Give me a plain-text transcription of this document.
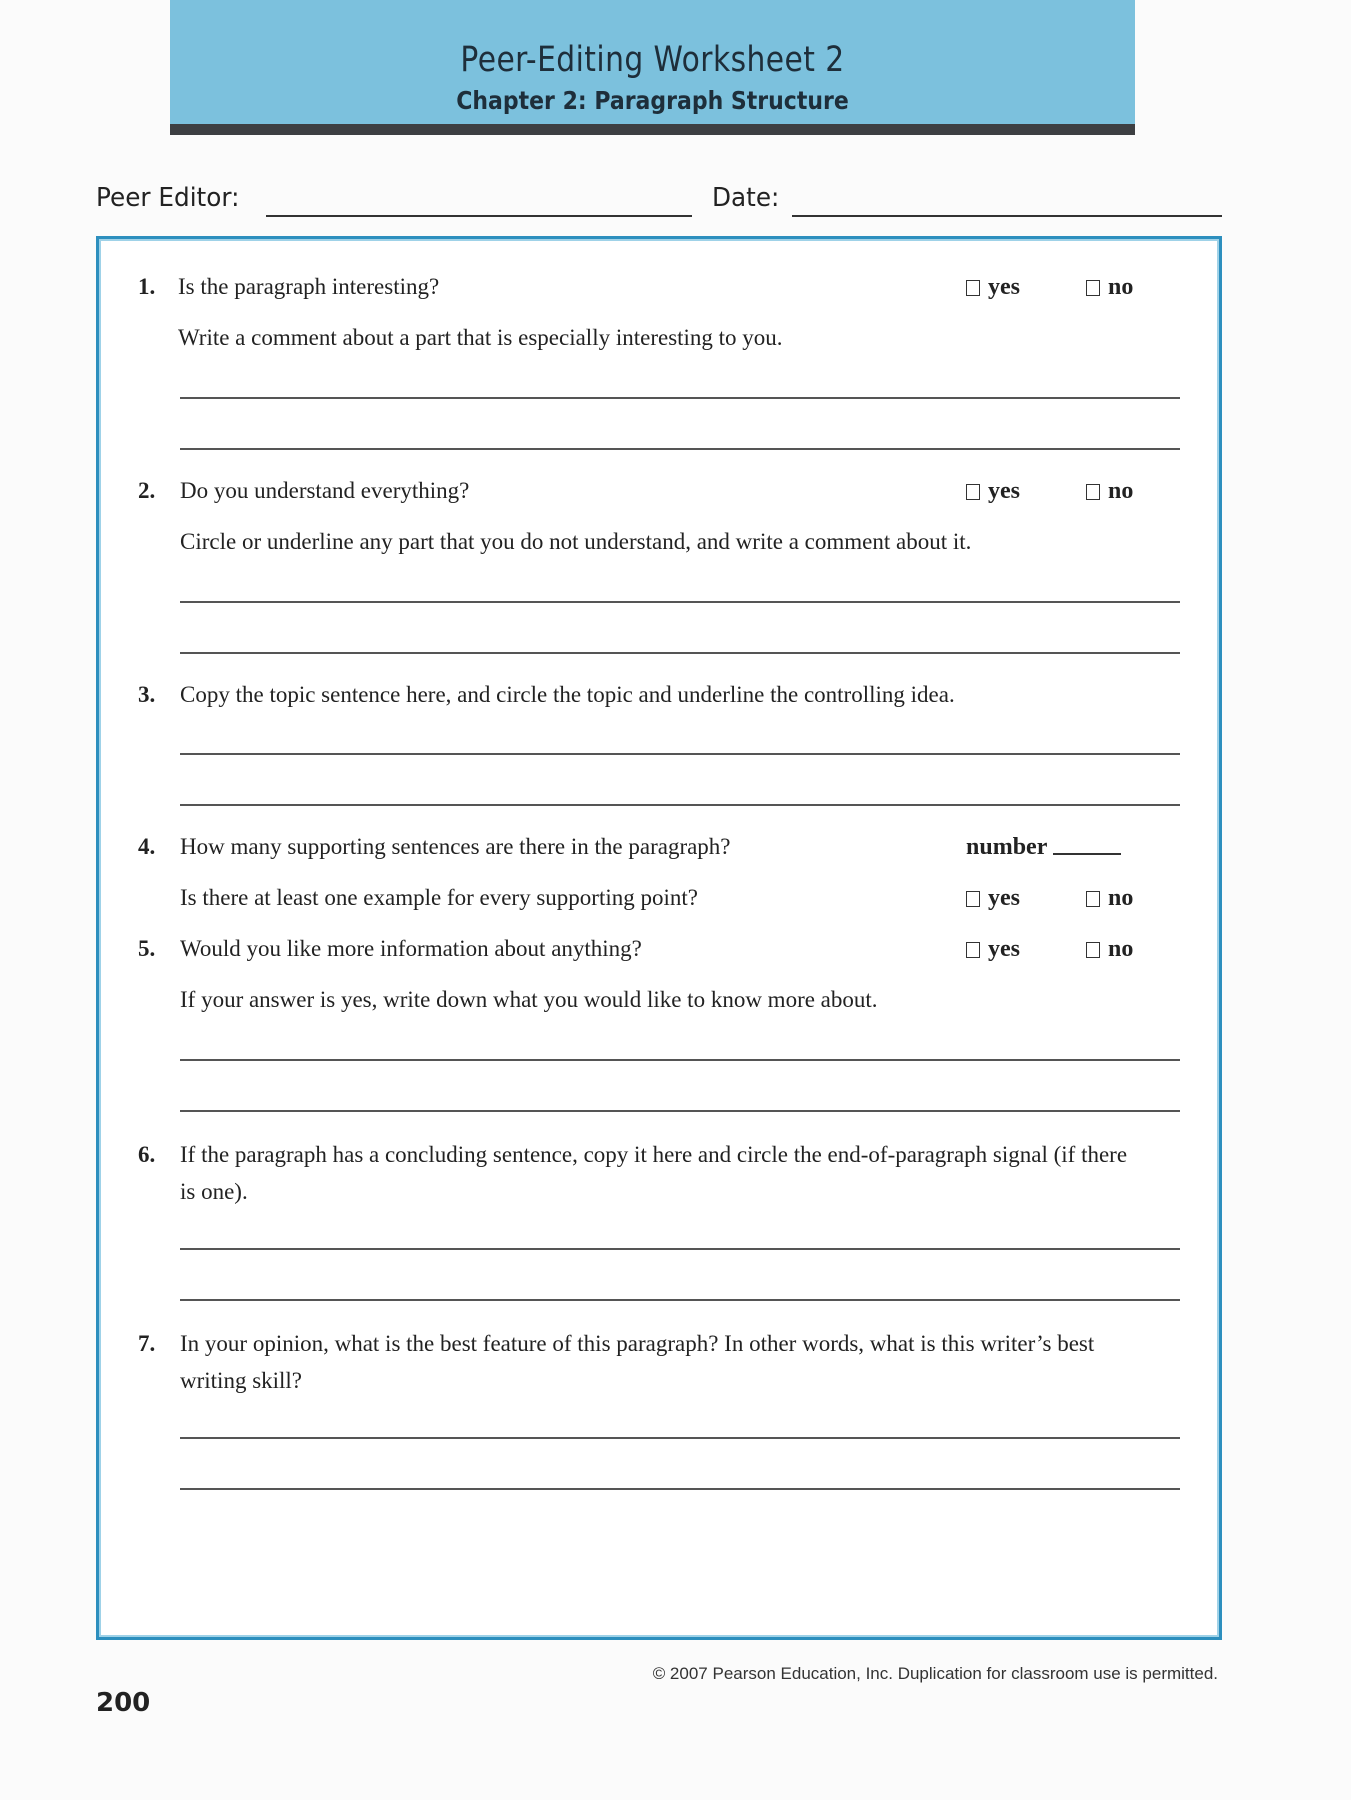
Peer-Editing Worksheet 2
Chapter 2: Paragraph Structure
Peer Editor:	Date:
1. Is the paragraph interesting?	yes	no
Write a comment about a part that is especially interesting to you.
2. Do you understand everything?	yes	no
Circle or underline any part that you do not understand, and write a comment about it.
3. Copy the topic sentence here, and circle the topic and underline the controlling idea.
4. How many supporting sentences are there in the paragraph?	number
Is there at least one example for every supporting point?	yes	no
5. Would you like more information about anything?	yes	no
If your answer is yes, write down what you would like to know more about.
6. If the paragraph has a concluding sentence, copy it here and circle the end-of-paragraph signal (if there is one).
7. In your opinion, what is the best feature of this paragraph? In other words, what is this writer’s best writing skill?
© 2007 Pearson Education, Inc. Duplication for classroom use is permitted.
200
